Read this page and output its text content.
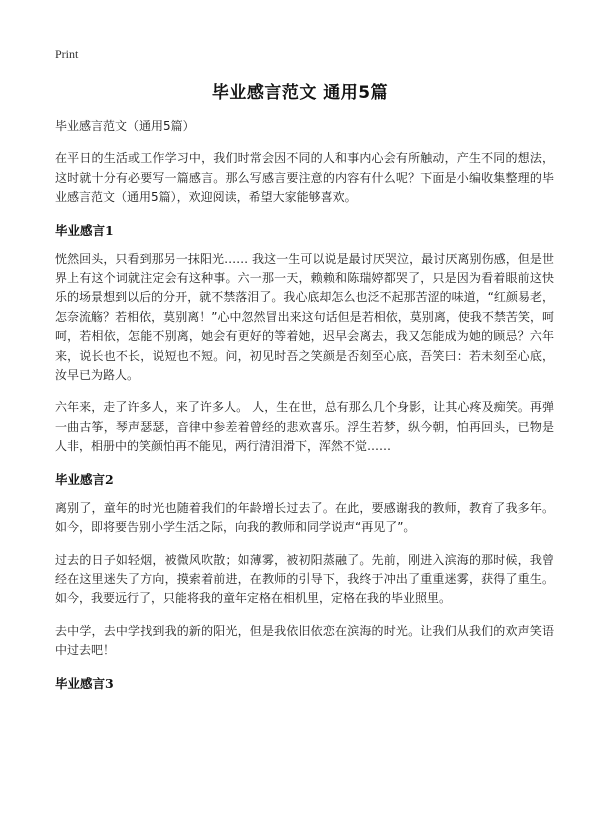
Print
毕业感言范文 通用5篇

毕业感言范文（通用5篇）

在平日的生活或工作学习中，我们时常会因不同的人和事内心会有所触动，产生不同的想法，这时就十分有必要写一篇感言。那么写感言要注意的内容有什么呢？下面是小编收集整理的毕业感言范文（通用5篇），欢迎阅读，希望大家能够喜欢。

毕业感言1

恍然回头，只看到那另一抹阳光…… 我这一生可以说是最讨厌哭泣，最讨厌离别伤感，但是世界上有这个词就注定会有这种事。六一那一天，赖赖和陈瑞婷都哭了，只是因为看着眼前这快乐的场景想到以后的分开，就不禁落泪了。我心底却怎么也泛不起那苦涩的味道，“红颜易老，怎奈流觞？若相依，莫别离！”心中忽然冒出来这句话但是若相依，莫别离，使我不禁苦笑，呵呵，若相依，怎能不别离，她会有更好的等着她，迟早会离去，我又怎能成为她的顾忌？六年来，说长也不长，说短也不短。问，初见时吾之笑颜是否刻至心底，吾笑曰：若未刻至心底，汝早已为路人。

六年来，走了许多人，来了许多人。 人，生在世，总有那么几个身影，让其心疼及痴笑。再弹一曲古筝，琴声瑟瑟，音律中参差着曾经的悲欢喜乐。浮生若梦，纵今朝，怕再回头，已物是人非，相册中的笑颜怕再不能见，两行清泪滑下，浑然不觉……

毕业感言2

离别了，童年的时光也随着我们的年龄增长过去了。在此，要感谢我的教师，教育了我多年。如今，即将要告别小学生活之际，向我的教师和同学说声“再见了”。

过去的日子如轻烟，被微风吹散；如薄雾，被初阳蒸融了。先前，刚进入滨海的那时候，我曾经在这里迷失了方向，摸索着前进，在教师的引导下，我终于冲出了重重迷雾，获得了重生。如今，我要远行了，只能将我的童年定格在相机里，定格在我的毕业照里。

去中学，去中学找到我的新的阳光，但是我依旧依恋在滨海的时光。让我们从我们的欢声笑语中过去吧！

毕业感言3
